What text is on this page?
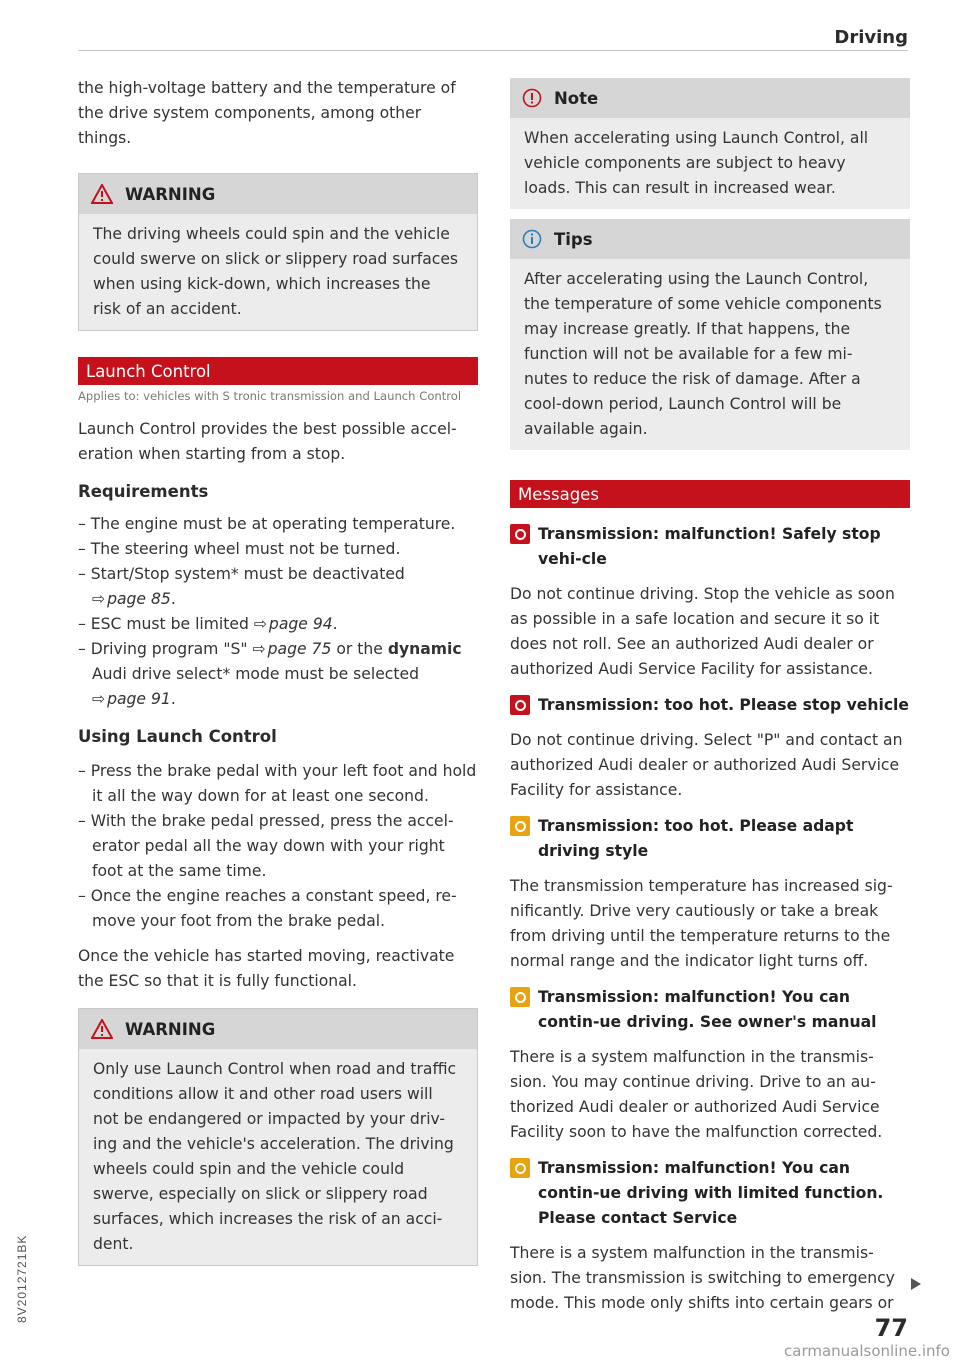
Driving

the high-voltage battery and the temperature of the drive system components, among other things.

WARNING
The driving wheels could spin and the vehicle could swerve on slick or slippery road surfaces when using kick-down, which increases the risk of an accident.
Launch Control
Applies to: vehicles with S tronic transmission and Launch Control

Launch Control provides the best possible accel-eration when starting from a stop.

Requirements
– The engine must be at operating temperature.
– The steering wheel must not be turned.
– Start/Stop system* must be deactivated
⇨ page 85.
– ESC must be limited ⇨ page 94.
– Driving program "S" ⇨ page 75 or the dynamic
Audi drive select* mode must be selected
⇨ page 91.
Using Launch Control
– Press the brake pedal with your left foot and hold it all the way down for at least one second.
– With the brake pedal pressed, press the accel-erator pedal all the way down with your right foot at the same time.
– Once the engine reaches a constant speed, re-move your foot from the brake pedal.

Once the vehicle has started moving, reactivate the ESC so that it is fully functional.

WARNING
Only use Launch Control when road and traffic conditions allow it and other road users will not be endangered or impacted by your driv-ing and the vehicle's acceleration. The driving wheels could spin and the vehicle could swerve, especially on slick or slippery road surfaces, which increases the risk of an acci-dent.
Note
When accelerating using Launch Control, all vehicle components are subject to heavy loads. This can result in increased wear.
Tips
After accelerating using the Launch Control, the temperature of some vehicle components may increase greatly. If that happens, the function will not be available for a few mi-nutes to reduce the risk of damage. After a cool-down period, Launch Control will be available again.
Messages
Transmission: malfunction! Safely stop vehi-cle

Do not continue driving. Stop the vehicle as soon as possible in a safe location and secure it so it does not roll. See an authorized Audi dealer or authorized Audi Service Facility for assistance.

Transmission: too hot. Please stop vehicle

Do not continue driving. Select "P" and contact an authorized Audi dealer or authorized Audi Service Facility for assistance.

Transmission: too hot. Please adapt driving style

The transmission temperature has increased sig-nificantly. Drive very cautiously or take a break from driving until the temperature returns to the normal range and the indicator light turns off.

Transmission: malfunction! You can contin-ue driving. See owner's manual

There is a system malfunction in the transmis-sion. You may continue driving. Drive to an au-thorized Audi dealer or authorized Audi Service Facility soon to have the malfunction corrected.

Transmission: malfunction! You can contin-ue driving with limited function. Please contact Service

There is a system malfunction in the transmis-sion. The transmission is switching to emergency mode. This mode only shifts into certain gears or

77
8V2012721BK
carmanualsonline.info
